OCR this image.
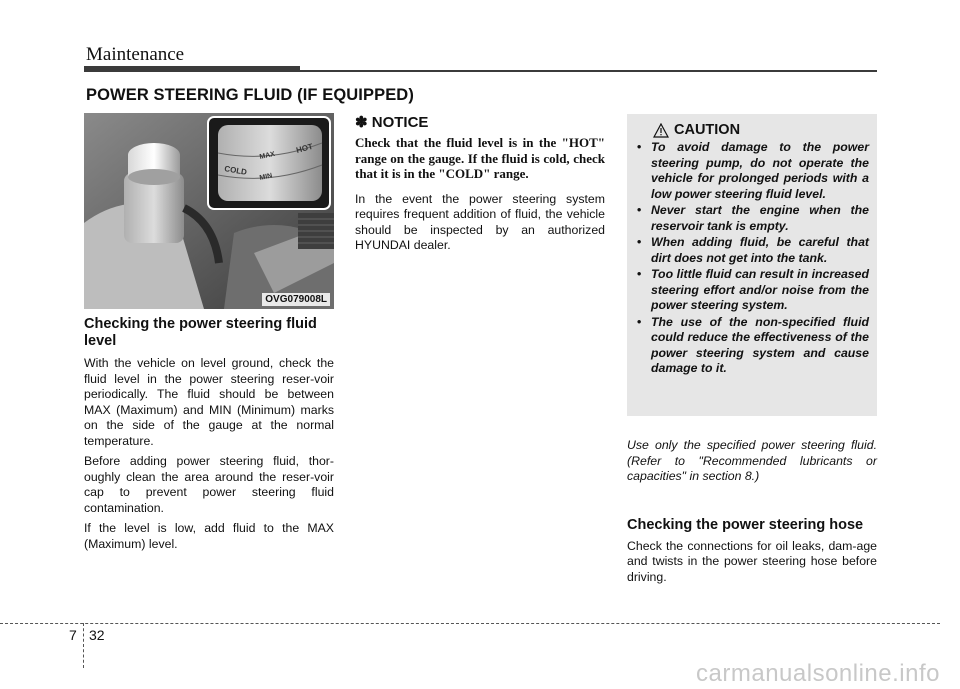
Maintenance
POWER STEERING FLUID (IF EQUIPPED)
MAX
HOT
MIN
COLD
OVG079008L
Checking the power steering fluid level

With the vehicle on level ground, check the fluid level in the power steering reser-voir periodically. The fluid should be between MAX (Maximum) and MIN (Minimum) marks on the side of the gauge at the normal temperature.

Before adding power steering fluid, thor-oughly clean the area around the reser-voir cap to prevent power steering fluid contamination.

If the level is low, add fluid to the MAX (Maximum) level.

✽ NOTICE

Check that the fluid level is in the "HOT" range on the gauge. If the fluid is cold, check that it is in the "COLD" range.

In the event the power steering system requires frequent addition of fluid, the vehicle should be inspected by an authorized HYUNDAI dealer.

CAUTION
• To avoid damage to the power steering pump, do not operate the vehicle for prolonged periods with a low power steering fluid level.
• Never start the engine when the reservoir tank is empty.
• When adding fluid, be careful that dirt does not get into the tank.
• Too little fluid can result in increased steering effort and/or noise from the power steering system.
• The use of the non-specified fluid could reduce the effectiveness of the power steering system and cause damage to it.

Use only the specified power steering fluid. (Refer to "Recommended lubricants or capacities" in section 8.)

Checking the power steering hose

Check the connections for oil leaks, dam-age and twists in the power steering hose before driving.

7 32
carmanualsonline.info
